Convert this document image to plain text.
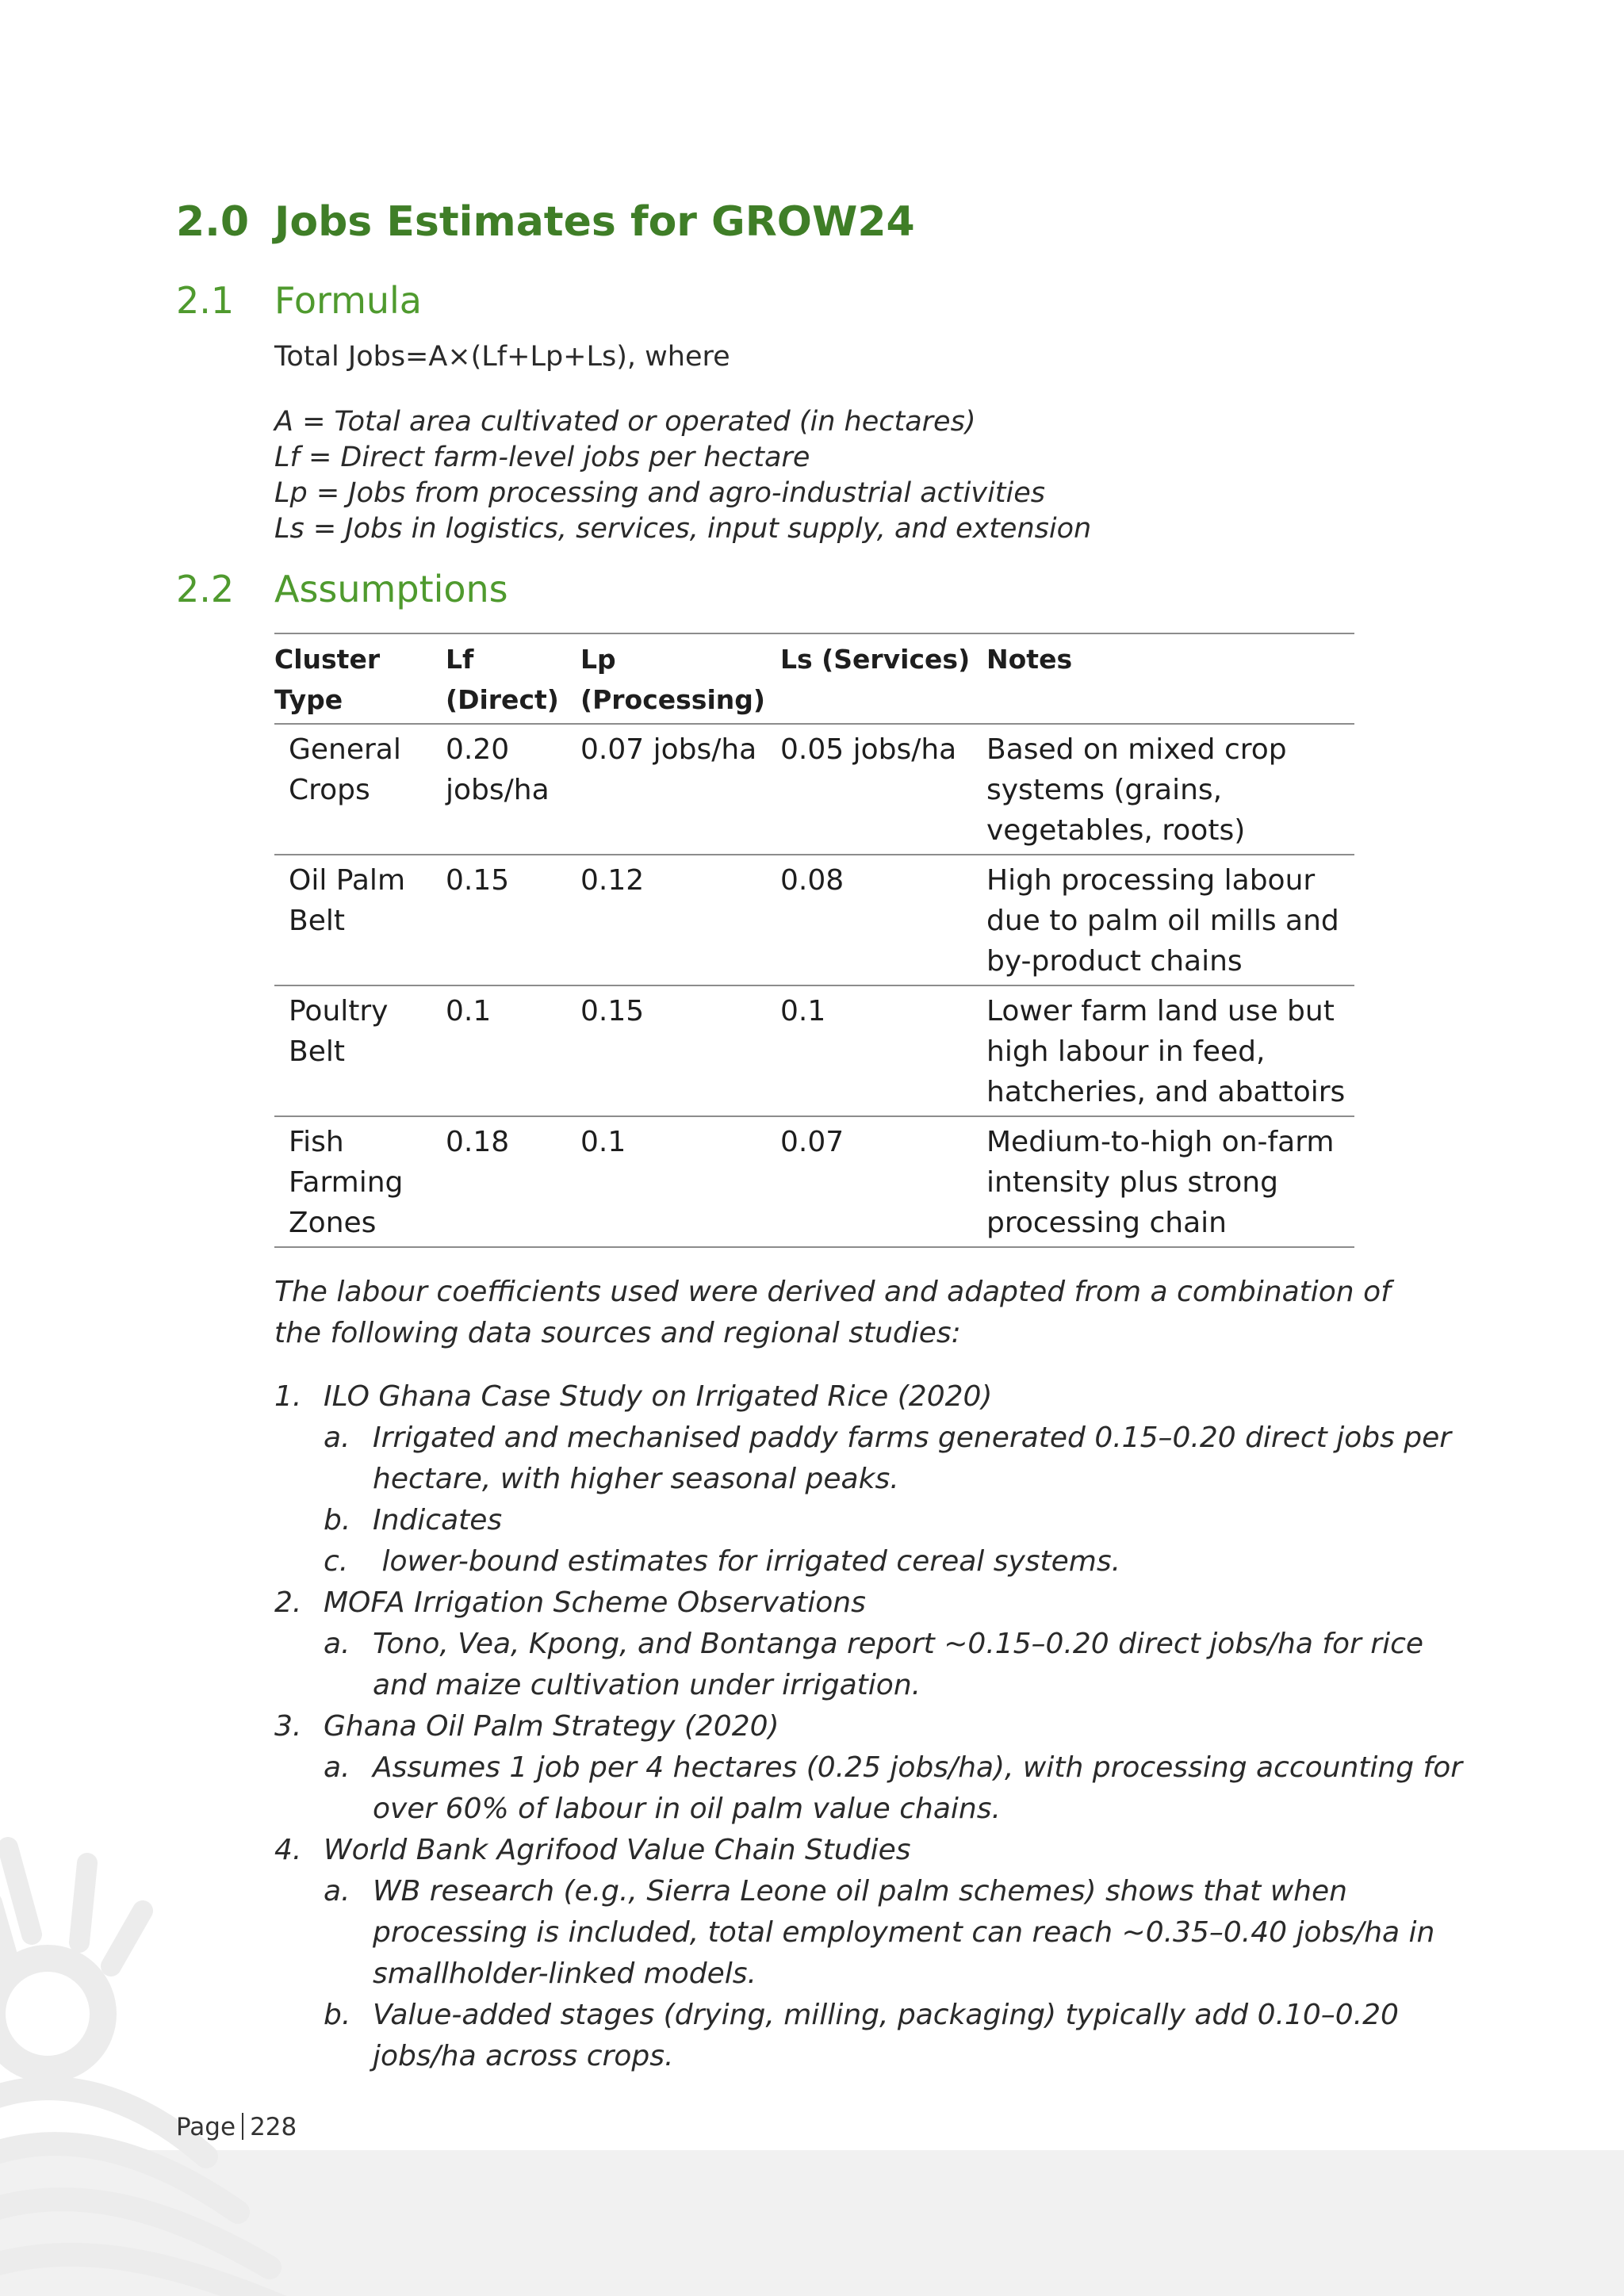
2.0 Jobs Estimates for GROW24
2.1 Formula

Total Jobs=A×(Lf+Lp+Ls), where

A = Total area cultivated or operated (in hectares)
Lf = Direct farm-level jobs per hectare
Lp = Jobs from processing and agro-industrial activities
Ls = Jobs in logistics, services, input supply, and extension
2.2 Assumptions
Cluster Type	Lf (Direct)	Lp (Processing)	Ls (Services)	Notes
General Crops	0.20 jobs/ha	0.07 jobs/ha	0.05 jobs/ha	Based on mixed crop systems (grains, vegetables, roots)
Oil Palm Belt	0.15	0.12	0.08	High processing labour due to palm oil mills and by-product chains
Poultry Belt	0.1	0.15	0.1	Lower farm land use but high labour in feed, hatcheries, and abattoirs
Fish Farming Zones	0.18	0.1	0.07	Medium-to-high on-farm intensity plus strong processing chain

The labour coefficients used were derived and adapted from a combination of the following data sources and regional studies:

1. ILO Ghana Case Study on Irrigated Rice (2020)
a. Irrigated and mechanised paddy farms generated 0.15–0.20 direct jobs per hectare, with higher seasonal peaks.
b. Indicates
c. lower-bound estimates for irrigated cereal systems.
2. MOFA Irrigation Scheme Observations
a. Tono, Vea, Kpong, and Bontanga report ~0.15–0.20 direct jobs/ha for rice and maize cultivation under irrigation.
3. Ghana Oil Palm Strategy (2020)
a. Assumes 1 job per 4 hectares (0.25 jobs/ha), with processing accounting for over 60% of labour in oil palm value chains.
4. World Bank Agrifood Value Chain Studies
a. WB research (e.g., Sierra Leone oil palm schemes) shows that when processing is included, total employment can reach ~0.35–0.40 jobs/ha in smallholder-linked models.
b. Value-added stages (drying, milling, packaging) typically add 0.10–0.20 jobs/ha across crops.
Page 228
